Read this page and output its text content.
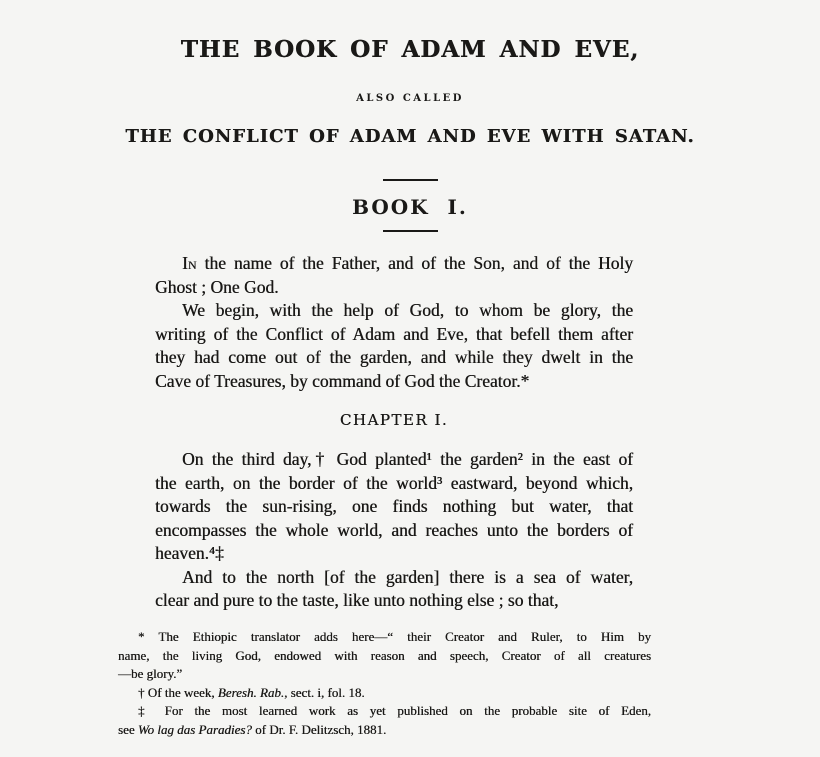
THE BOOK OF ADAM AND EVE,
ALSO CALLED
THE CONFLICT OF ADAM AND EVE WITH SATAN.
BOOK I.
In the name of the Father, and of the Son, and of the Holy
Ghost ; One God.
We begin, with the help of God, to whom be glory, the
writing of the Conflict of Adam and Eve, that befell them after
they had come out of the garden, and while they dwelt in the
Cave of Treasures, by command of God the Creator.*
CHAPTER I.
On the third day,† God planted¹ the garden² in the east of
the earth, on the border of the world³ eastward, beyond which,
towards the sun-rising, one finds nothing but water, that
encompasses the whole world, and reaches unto the borders of
heaven.⁴‡
And to the north [of the garden] there is a sea of water,
clear and pure to the taste, like unto nothing else ; so that,
* The Ethiopic translator adds here—“ their Creator and Ruler, to Him by
name, the living God, endowed with reason and speech, Creator of all creatures
—be glory.”
† Of the week, Beresh. Rab., sect. i, fol. 18.
‡ For the most learned work as yet published on the probable site of Eden,
see Wo lag das Paradies? of Dr. F. Delitzsch, 1881.
